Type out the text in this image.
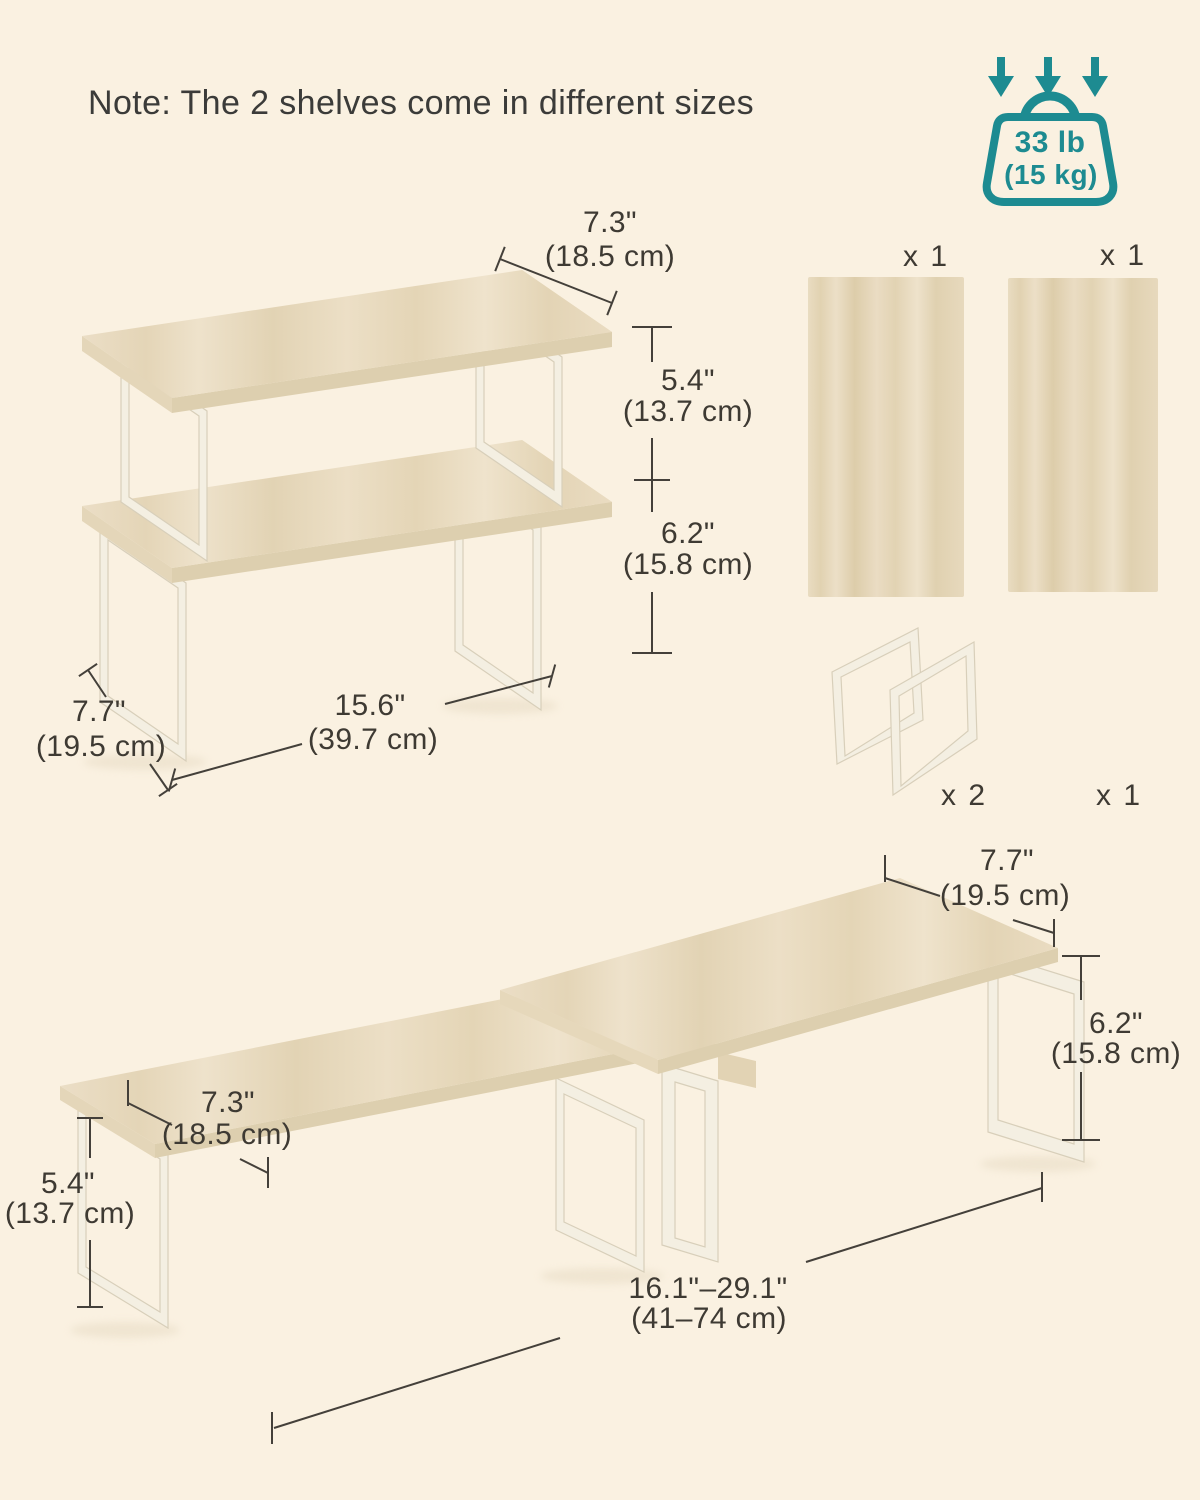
Note: The 2 shelves come in different sizes
33 lb
(15 kg)
7.3"
(18.5 cm)
5.4"
(13.7 cm)
6.2"
(15.8 cm)
7.7"
(19.5 cm)
15.6"
(39.7 cm)
x 1	x 1
x 2	x 1
7.7"
(19.5 cm)
6.2"
(15.8 cm)
7.3"
(18.5 cm)
5.4"
(13.7 cm)
16.1"–29.1"
(41–74 cm)
